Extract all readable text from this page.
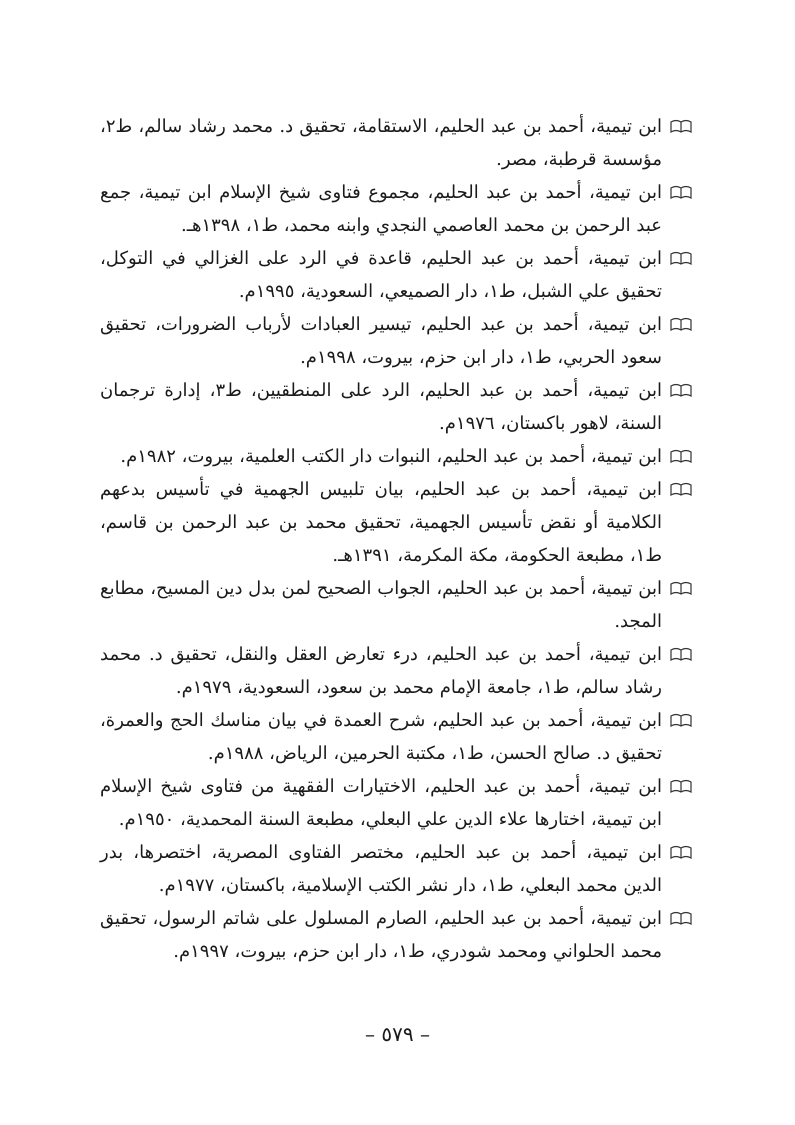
ابن تيمية، أحمد بن عبد الحليم، الاستقامة، تحقيق د. محمد رشاد سالم، ط٢، مؤسسة قرطبة، مصر.

ابن تيمية، أحمد بن عبد الحليم، مجموع فتاوى شيخ الإسلام ابن تيمية، جمع عبد الرحمن بن محمد العاصمي النجدي وابنه محمد، ط١، ١٣٩٨هـ.

ابن تيمية، أحمد بن عبد الحليم، قاعدة في الرد على الغزالي في التوكل، تحقيق علي الشبل، ط١، دار الصميعي، السعودية، ١٩٩٥م.

ابن تيمية، أحمد بن عبد الحليم، تيسير العبادات لأرباب الضرورات، تحقيق سعود الحربي، ط١، دار ابن حزم، بيروت، ١٩٩٨م.

ابن تيمية، أحمد بن عبد الحليم، الرد على المنطقيين، ط٣، إدارة ترجمان السنة، لاهور باكستان، ١٩٧٦م.

ابن تيمية، أحمد بن عبد الحليم، النبوات دار الكتب العلمية، بيروت، ١٩٨٢م.

ابن تيمية، أحمد بن عبد الحليم، بيان تلبيس الجهمية في تأسيس بدعهم الكلامية أو نقض تأسيس الجهمية، تحقيق محمد بن عبد الرحمن بن قاسم، ط١، مطبعة الحكومة، مكة المكرمة، ١٣٩١هـ.

ابن تيمية، أحمد بن عبد الحليم، الجواب الصحيح لمن بدل دين المسيح، مطابع المجد.

ابن تيمية، أحمد بن عبد الحليم، درء تعارض العقل والنقل، تحقيق د. محمد رشاد سالم، ط١، جامعة الإمام محمد بن سعود، السعودية، ١٩٧٩م.

ابن تيمية، أحمد بن عبد الحليم، شرح العمدة في بيان مناسك الحج والعمرة، تحقيق د. صالح الحسن، ط١، مكتبة الحرمين، الرياض، ١٩٨٨م.

ابن تيمية، أحمد بن عبد الحليم، الاختيارات الفقهية من فتاوى شيخ الإسلام ابن تيمية، اختارها علاء الدين علي البعلي، مطبعة السنة المحمدية، ١٩٥٠م.

ابن تيمية، أحمد بن عبد الحليم، مختصر الفتاوى المصرية، اختصرها، بدر الدين محمد البعلي، ط١، دار نشر الكتب الإسلامية، باكستان، ١٩٧٧م.

ابن تيمية، أحمد بن عبد الحليم، الصارم المسلول على شاتم الرسول، تحقيق محمد الحلواني ومحمد شودري، ط١، دار ابن حزم، بيروت، ١٩٩٧م.

– ٥٧٩ –
